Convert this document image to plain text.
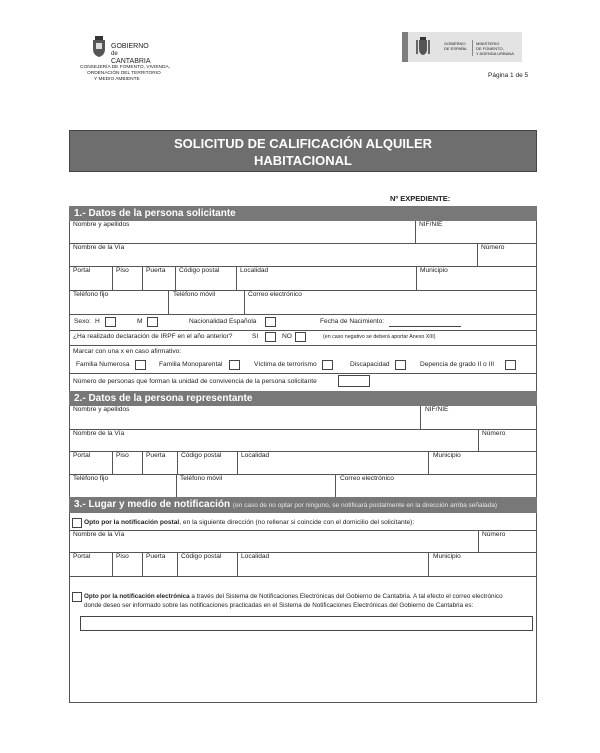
GOBIERNO
de
CANTABRIA
CONSEJERÍA DE FOMENTO, VIVIENDA,
ORDENACIÓN DEL TERRITORIO
Y MEDIO AMBIENTE
GOBIERNO
DE ESPAÑA
MINISTERIO
DE FOMENTO,
Y AGENDA URBANA
Página 1 de 5
SOLICITUD DE CALIFICACIÓN ALQUILER
HABITACIONAL
Nº EXPEDIENTE:
1.- Datos de la persona solicitante
Nombre y apellidos	NIF/NIE
Nombre de la Vía	Número
Portal	Piso	Puerta Código postal	Localidad	Municipio
Teléfono fijo	Teléfono móvil	Correo electrónico
Sexo: H	M	Nacionalidad Española	Fecha de Nacimiento:
¿Ha realizado declaración de IRPF en el año anterior?	SI	NO	(en caso negativo se deberá aportar Anexo XIII)
Marcar con una x en caso afirmativo:
Familia Numerosa	Familia Monoparental	Víctima de terrorismo	Discapacidad	Depencia de grado II o III
Número de personas que forman la unidad de convivencia de la persona solicitante
2.- Datos de la persona representante
Nombre y apellidos	NIF/NIE
Nombre de la Vía	Número
Portal	Piso	Puerta Código postal	Localidad	Municipio
Teléfono fijo	Teléfono móvil	Correo electrónico
3.- Lugar y medio de notificación (en caso de no optar por ninguno, se notificará postalmente en la dirección arriba señalada)
Opto por la notificación postal, en la siguiente dirección (no rellenar si coincide con el domicilio del solicitante):
Nombre de la Vía	Número
Portal	Piso	Puerta Código postal	Localidad	Municipio
Opto por la notificación electrónica a través del Sistema de Notificaciones Electrónicas del Gobierno de Cantabria. A tal efecto el correo electrónico
donde deseo ser informado sobre las notificaciones practicadas en el Sistema de Notificaciones Electrónicas del Gobierno de Cantabria es:
